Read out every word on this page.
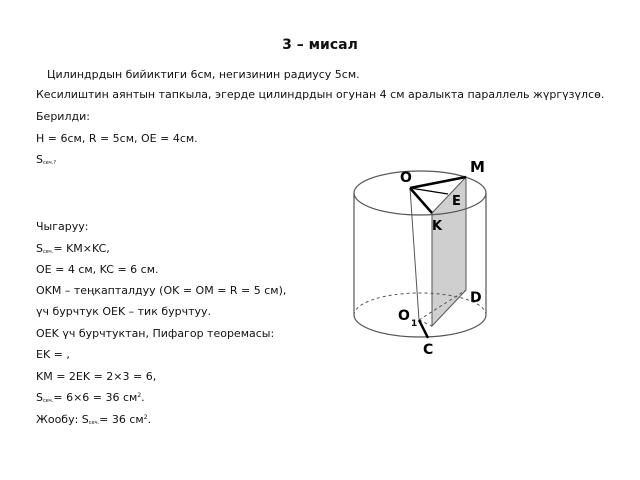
3 – мисал
Цилиндрдын бийиктиги 6см, негизинин радиусу 5см.
Кесилиштин аянтын тапкыла, эгерде цилиндрдын огунан 4 см аралыкта параллель жүргүзүлсө.
Берилди:
H = 6см, R = 5см, OE = 4см.
$S_{сеч.?}$
Чыгаруу:
$S_{сеч.}= KM\times KC$,
OE = 4 см, KC = 6 см.
OKM – теңкапталдуу (OK = OM = R = 5 см),
үч бурчтук OEK – тик бурчтуу.
OEK үч бурчтуктан, Пифагор теоремасы:
EK = ,
KM = 2EK = 2×3 = 6,
$S_{сеч.}= 6\times 6 = 36$ $см^2$.
Жообу: $S_{сеч.}= 36$ $см^2$.
M
O
E
K
D
O 1
C
